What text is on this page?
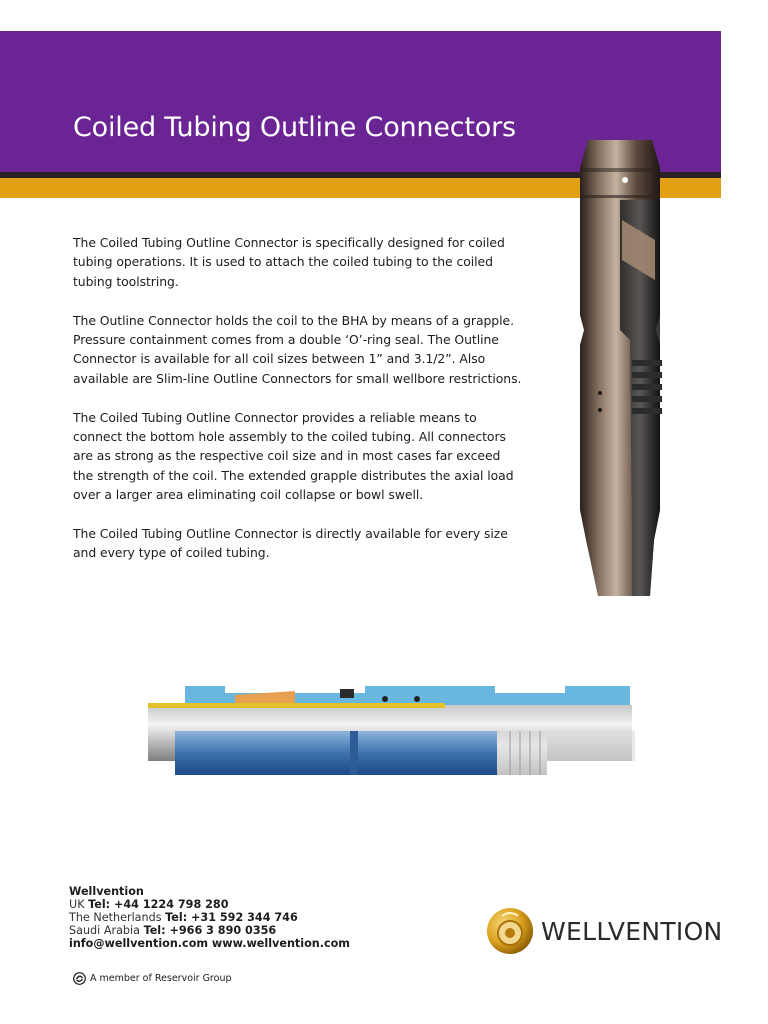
Coiled Tubing Outline Connectors

The Coiled Tubing Outline Connector is specifically designed for coiled tubing operations. It is used to attach the coiled tubing to the coiled tubing toolstring.

The Outline Connector holds the coil to the BHA by means of a grapple. Pressure containment comes from a double ‘O’-ring seal. The Outline Connector is available for all coil sizes between 1” and 3.1/2”. Also available are Slim-line Outline Connectors for small wellbore restrictions.

The Coiled Tubing Outline Connector provides a reliable means to connect the bottom hole assembly to the coiled tubing. All connectors are as strong as the respective coil size and in most cases far exceed the strength of the coil. The extended grapple distributes the axial load over a larger area eliminating coil collapse or bowl swell.

The Coiled Tubing Outline Connector is directly available for every size and every type of coiled tubing.

Wellvention
UK Tel: +44 1224 798 280
The Netherlands Tel: +31 592 344 746
Saudi Arabia Tel: +966 3 890 0356
info@wellvention.com www.wellvention.com
A member of Reservoir Group
WELLVENTION
